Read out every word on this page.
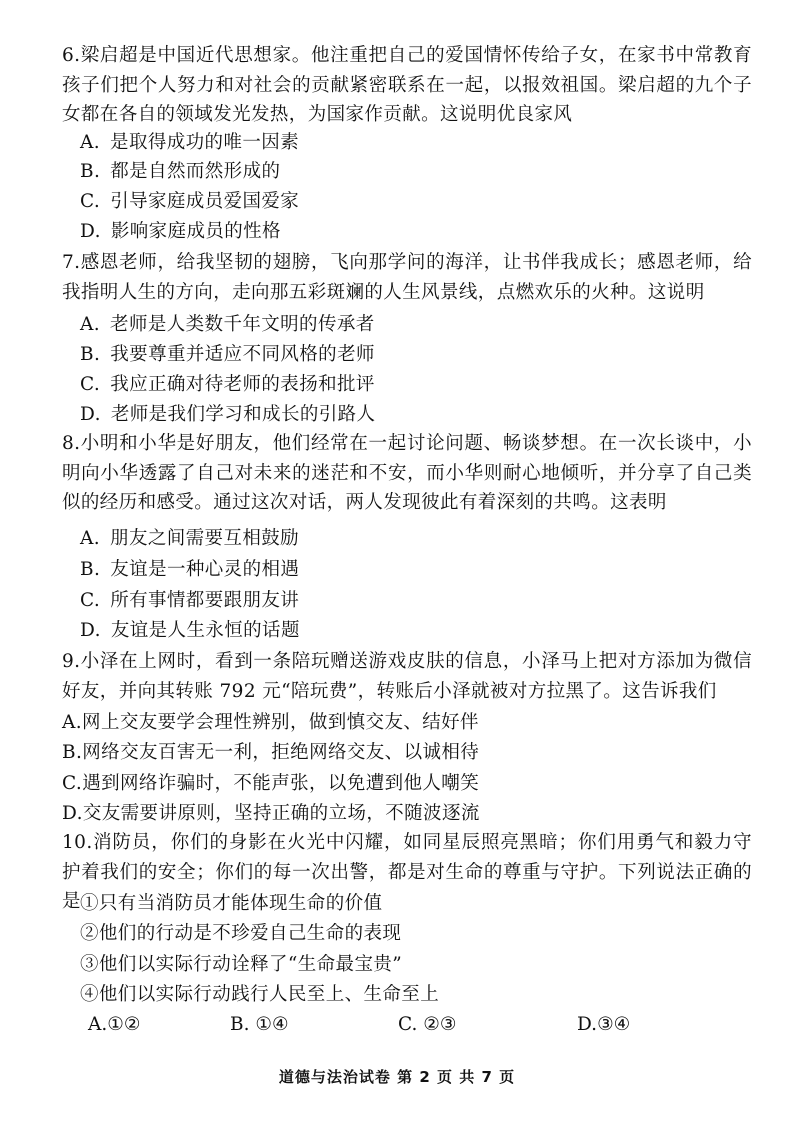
6.梁启超是中国近代思想家。他注重把自己的爱国情怀传给子女，在家书中常教育孩子们把个人努力和对社会的贡献紧密联系在一起，以报效祖国。梁启超的九个子女都在各自的领域发光发热，为国家作贡献。这说明优良家风
A. 是取得成功的唯一因素
B. 都是自然而然形成的
C. 引导家庭成员爱国爱家
D. 影响家庭成员的性格
7.感恩老师，给我坚韧的翅膀，飞向那学问的海洋，让书伴我成长；感恩老师，给我指明人生的方向，走向那五彩斑斓的人生风景线，点燃欢乐的火种。这说明
A. 老师是人类数千年文明的传承者
B. 我要尊重并适应不同风格的老师
C. 我应正确对待老师的表扬和批评
D. 老师是我们学习和成长的引路人
8.小明和小华是好朋友，他们经常在一起讨论问题、畅谈梦想。在一次长谈中，小明向小华透露了自己对未来的迷茫和不安，而小华则耐心地倾听，并分享了自己类似的经历和感受。通过这次对话，两人发现彼此有着深刻的共鸣。这表明
A. 朋友之间需要互相鼓励
B. 友谊是一种心灵的相遇
C. 所有事情都要跟朋友讲
D. 友谊是人生永恒的话题
9.小泽在上网时，看到一条陪玩赠送游戏皮肤的信息，小泽马上把对方添加为微信好友，并向其转账 792 元“陪玩费”，转账后小泽就被对方拉黑了。这告诉我们
A.网上交友要学会理性辨别，做到慎交友、结好伴
B.网络交友百害无一利，拒绝网络交友、以诚相待
C.遇到网络诈骗时，不能声张，以免遭到他人嘲笑
D.交友需要讲原则，坚持正确的立场，不随波逐流
10.消防员，你们的身影在火光中闪耀，如同星辰照亮黑暗；你们用勇气和毅力守护着我们的安全；你们的每一次出警，都是对生命的尊重与守护。下列说法正确的是 ①只有当消防员才能体现生命的价值
②他们的行动是不珍爱自己生命的表现
③他们以实际行动诠释了“生命最宝贵”
④他们以实际行动践行人民至上、生命至上
A.①②	B. ①④	C. ②③	D.③④
道德与法治试卷 第 2 页 共 7 页
